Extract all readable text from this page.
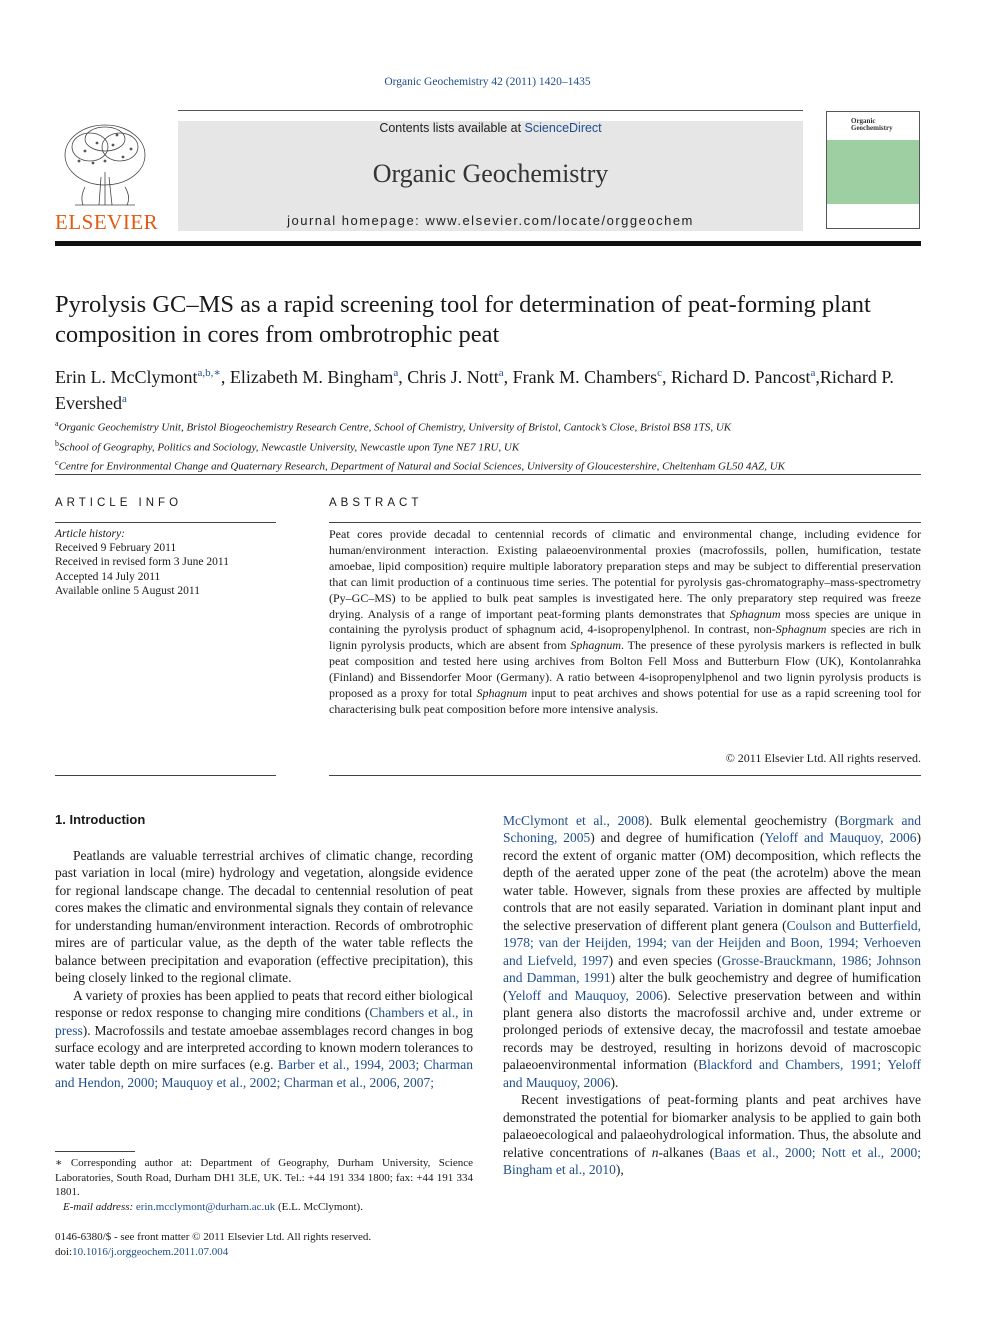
Organic Geochemistry 42 (2011) 1420–1435
ELSEVIER
Contents lists available at ScienceDirect
Organic Geochemistry
journal homepage: www.elsevier.com/locate/orggeochem
Organic
Geochemistry
Pyrolysis GC–MS as a rapid screening tool for determination of peat-forming plant composition in cores from ombrotrophic peat
Erin L. McClymont$^{a,b,∗}$, Elizabeth M. Bingham$^a$, Chris J. Nott$^a$, Frank M. Chambers$^c$, Richard D. Pancost$^a$,Richard P. Evershed$^a$
$^a$Organic Geochemistry Unit, Bristol Biogeochemistry Research Centre, School of Chemistry, University of Bristol, Cantock’s Close, Bristol BS8 1TS, UK
$^b$School of Geography, Politics and Sociology, Newcastle University, Newcastle upon Tyne NE7 1RU, UK
$^c$Centre for Environmental Change and Quaternary Research, Department of Natural and Social Sciences, University of Gloucestershire, Cheltenham GL50 4AZ, UK
ARTICLE INFO
Article history:
Received 9 February 2011
Received in revised form 3 June 2011
Accepted 14 July 2011
Available online 5 August 2011
ABSTRACT
Peat cores provide decadal to centennial records of climatic and environmental change, including evidence for human/environment interaction. Existing palaeoenvironmental proxies (macrofossils, pollen, humification, testate amoebae, lipid composition) require multiple laboratory preparation steps and may be subject to differential preservation that can limit production of a continuous time series. The potential for pyrolysis gas-chromatography–mass-spectrometry (Py–GC–MS) to be applied to bulk peat samples is investigated here. The only preparatory step required was freeze drying. Analysis of a range of important peat-forming plants demonstrates that Sphagnum moss species are unique in containing the pyrolysis product of sphagnum acid, 4-isopropenylphenol. In contrast, non-Sphagnum species are rich in lignin pyrolysis products, which are absent from Sphagnum. The presence of these pyrolysis markers is reflected in bulk peat composition and tested here using archives from Bolton Fell Moss and Butterburn Flow (UK), Kontolanrahka (Finland) and Bissendorfer Moor (Germany). A ratio between 4-isopropenylphenol and two lignin pyrolysis products is proposed as a proxy for total Sphagnum input to peat archives and shows potential for use as a rapid screening tool for characterising bulk peat composition before more intensive analysis.
© 2011 Elsevier Ltd. All rights reserved.
1. Introduction

Peatlands are valuable terrestrial archives of climatic change, recording past variation in local (mire) hydrology and vegetation, alongside evidence for regional landscape change. The decadal to centennial resolution of peat cores makes the climatic and environmental signals they contain of relevance for understanding human/environment interaction. Records of ombrotrophic mires are of particular value, as the depth of the water table reflects the balance between precipitation and evaporation (effective precipitation), this being closely linked to the regional climate.

A variety of proxies has been applied to peats that record either biological response or redox response to changing mire conditions (Chambers et al., in press). Macrofossils and testate amoebae assemblages record changes in bog surface ecology and are interpreted according to known modern tolerances to water table depth on mire surfaces (e.g. Barber et al., 1994, 2003; Charman and Hendon, 2000; Mauquoy et al., 2002; Charman et al., 2006, 2007;

McClymont et al., 2008). Bulk elemental geochemistry (Borgmark and Schoning, 2005) and degree of humification (Yeloff and Mauquoy, 2006) record the extent of organic matter (OM) decomposition, which reflects the depth of the aerated upper zone of the peat (the acrotelm) above the mean water table. However, signals from these proxies are affected by multiple controls that are not easily separated. Variation in dominant plant input and the selective preservation of different plant genera (Coulson and Butterfield, 1978; van der Heijden, 1994; van der Heijden and Boon, 1994; Verhoeven and Liefveld, 1997) and even species (Grosse-Brauckmann, 1986; Johnson and Damman, 1991) alter the bulk geochemistry and degree of humification (Yeloff and Mauquoy, 2006). Selective preservation between and within plant genera also distorts the macrofossil archive and, under extreme or prolonged periods of extensive decay, the macrofossil and testate amoebae records may be destroyed, resulting in horizons devoid of macroscopic palaeoenvironmental information (Blackford and Chambers, 1991; Yeloff and Mauquoy, 2006).

Recent investigations of peat-forming plants and peat archives have demonstrated the potential for biomarker analysis to be applied to gain both palaeoecological and palaeohydrological information. Thus, the absolute and relative concentrations of n-alkanes (Baas et al., 2000; Nott et al., 2000; Bingham et al., 2010),

∗ Corresponding author at: Department of Geography, Durham University, Science Laboratories, South Road, Durham DH1 3LE, UK. Tel.: +44 191 334 1800; fax: +44 191 334 1801.
E-mail address: erin.mcclymont@durham.ac.uk (E.L. McClymont).
0146-6380/$ - see front matter © 2011 Elsevier Ltd. All rights reserved.
doi:10.1016/j.orggeochem.2011.07.004
